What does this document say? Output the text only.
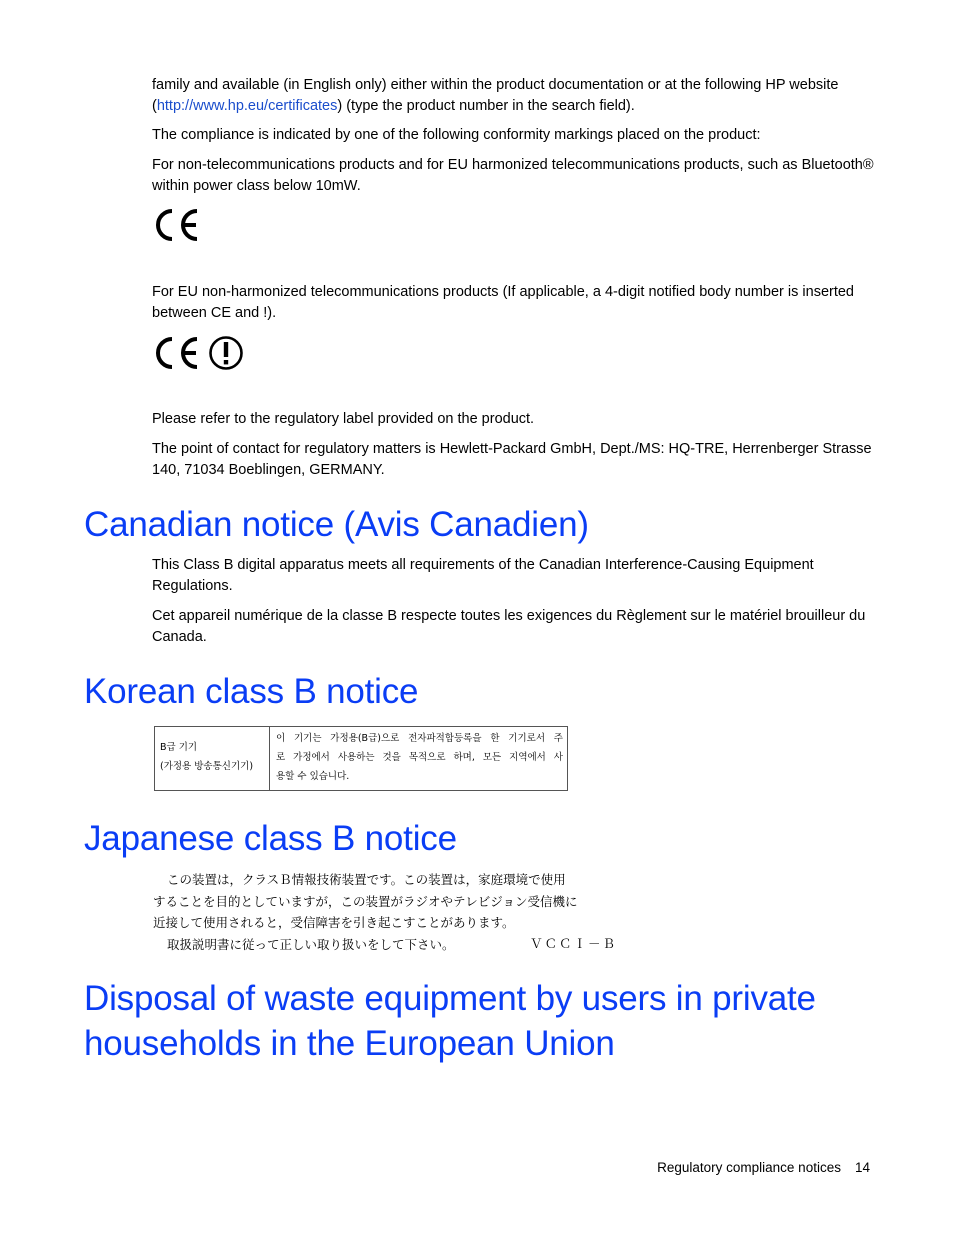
family and available (in English only) either within the product documentation or at the following HP website
(http://www.hp.eu/certificates) (type the product number in the search field).

The compliance is indicated by one of the following conformity markings placed on the product:

For non-telecommunications products and for EU harmonized telecommunications products, such as Bluetooth® within power class below 10mW.

For EU non-harmonized telecommunications products (If applicable, a 4-digit notified body number is inserted between CE and !).

Please refer to the regulatory label provided on the product.

The point of contact for regulatory matters is Hewlett-Packard GmbH, Dept./MS: HQ-TRE, Herrenberger Strasse 140, 71034 Boeblingen, GERMANY.

Canadian notice (Avis Canadien)

This Class B digital apparatus meets all requirements of the Canadian Interference-Causing Equipment Regulations.

Cet appareil numérique de la classe B respecte toutes les exigences du Règlement sur le matériel brouilleur du Canada.

Korean class B notice
B급 기기
(가정용 방송통신기기)
이 기기는 가정용(B급)으로 전자파적합등록을 한 기기로서 주
로 가정에서 사용하는 것을 목적으로 하며, 모든 지역에서 사
용할 수 있습니다.
Japanese class B notice
この装置は，クラスＢ情報技術装置です。この装置は，家庭環境で使用
することを目的としていますが，この装置がラジオやテレビジョン受信機に
近接して使用されると，受信障害を引き起こすことがあります。
取扱説明書に従って正しい取り扱いをして下さい。	ＶＣＣＩ－Ｂ
Disposal of waste equipment by users in private
households in the European Union
Regulatory compliance notices 14
